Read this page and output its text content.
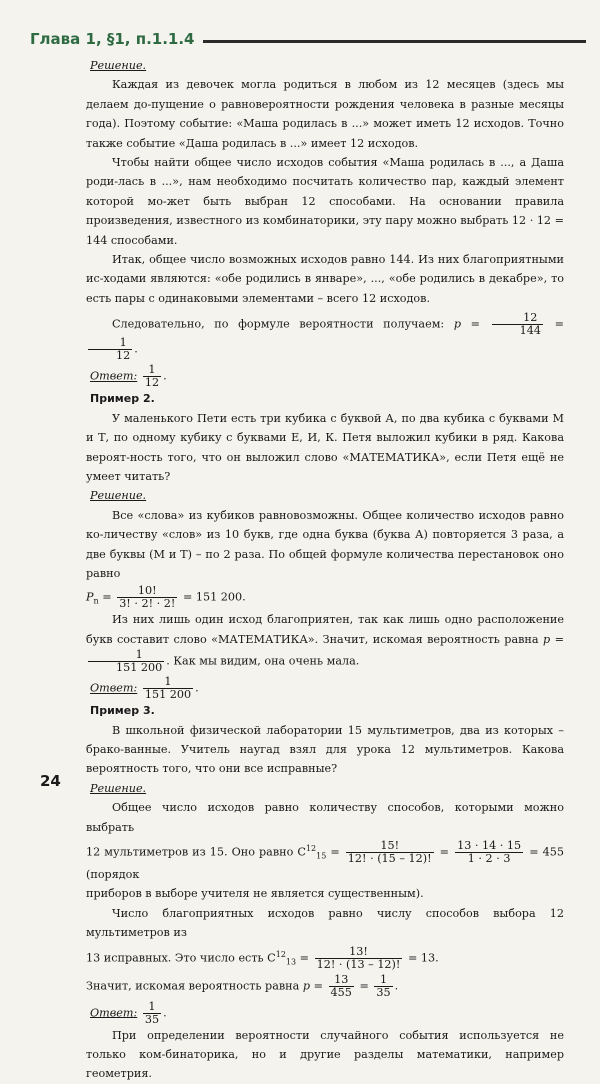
Глава 1, §1, п.1.1.4

Решение.

Каждая из девочек могла родиться в любом из 12 месяцев (здесь мы делаем до-пущение о равновероятности рождения человека в разные месяцы года). Поэтому событие: «Маша родилась в ...» может иметь 12 исходов. Точно также событие «Даша родилась в ...» имеет 12 исходов.

Чтобы найти общее число исходов события «Маша родилась в ..., а Даша роди-лась в ...», нам необходимо посчитать количество пар, каждый элемент которой мо-жет быть выбран 12 способами. На основании правила произведения, известного из комбинаторики, эту пару можно выбрать 12 · 12 = 144 способами.

Итак, общее число возможных исходов равно 144. Из них благоприятными ис-ходами являются: «обе родились в январе», ..., «обе родились в декабре», то есть пары с одинаковыми элементами – всего 12 исходов.

Следовательно, по формуле вероятности получаем: $p = \frac{12}{144}$ =
$\frac{1}{12}$ .

Ответ: $\frac{1}{12}$ .

Пример 2.

У маленького Пети есть три кубика с буквой А, по два кубика с буквами М и Т, по одному кубику с буквами Е, И, К. Петя выложил кубики в ряд. Какова вероят-ность того, что он выложил слово «МАТЕМАТИКА», если Петя ещё не умеет читать?

Решение.

Все «слова» из кубиков равновозможны. Общее количество исходов равно ко-личеству «слов» из 10 букв, где одна буква (буква А) повторяется 3 раза, а две буквы (М и Т) – по 2 раза. По общей формуле количества перестановок оно равно

$P_n = \frac{10!}{3! \cdot 2! \cdot 2!} = 151$ 200.

Из них лишь один исход благоприятен, так как лишь одно расположение букв составит слово «МАТЕМАТИКА». Значит, искомая вероятность равна p =
$\frac{1}{151 200}$ . Как мы видим, она очень мала.

Ответ: $\frac{1}{151 200}$ .

Пример 3.

В школьной физической лаборатории 15 мультиметров, два из которых – брако-ванные. Учитель наугад взял для урока 12 мультиметров. Какова вероятность того, что они все исправные?

Решение.

Общее число исходов равно количеству способов, которыми можно выбрать

12 мультиметров из 15. Оно равно $C^{12}_{15} = \frac{15!}{12! \cdot (15 - 12)!} = \frac{13 \cdot 14 \cdot 15}{1 \cdot 2 \cdot 3} = 455$ (порядок

приборов в выборе учителя не является существенным).

Число благоприятных исходов равно числу способов выбора 12 мультиметров из

13 исправных. Это число есть $C^{12}_{13} = \frac{13!}{12! \cdot (13 - 12)!} = 13$.

Значит, искомая вероятность равна $p = \frac{13}{455} = \frac{1}{35}$ .

Ответ: $\frac{1}{35}$ .

При определении вероятности случайного события используется не только ком-бинаторика, но и другие разделы математики, например геометрия.

24
